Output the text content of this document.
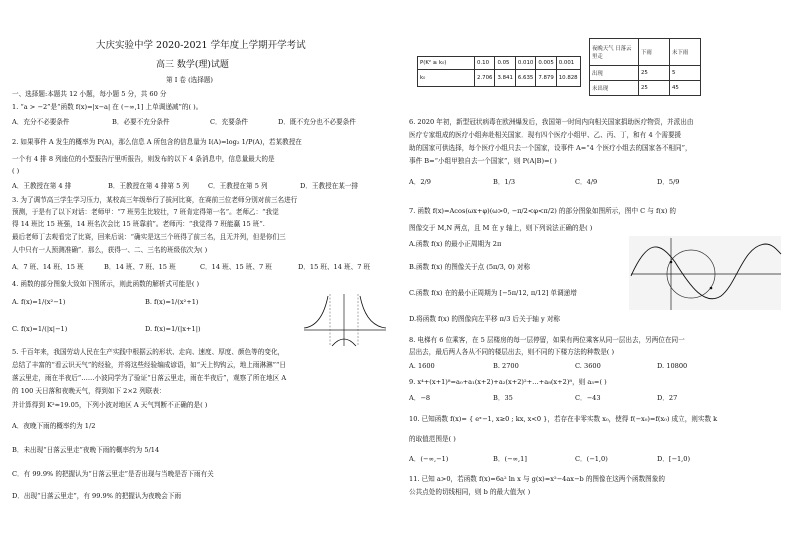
大庆实验中学 2020-2021 学年度上学期开学考试
高三 数学(理)试题
第 I 卷 (选择题)
一、选择题:本题共 12 小题，每小题 5 分，共 60 分
1. “a > −2”是“函数 f(x)=|x−a| 在 (−∞,1] 上单调递减”的( )。
A．充分不必要条件	B．必要不充分条件	C．充要条件	D．既不充分也不必要条件
2. 如果事件 A 发生的概率为 P(A)，那么信息 A 所包含的信息量为 I(A)=log₂ 1/P(A)，若某教授在
一个有 4 排 8 列座位的小型报告厅里听报告，则发布的以下 4 条消息中，信息量最大的是
( )
A．王教授在第 4 排	B．王教授在第 4 排第 5 列	C．王教授在第 5 列	D．王教授在某一排
3. 为了调节高三学生学习压力，某校高三年级举行了拔河比赛，在赛前三位老师分别对前三名进行
预测，于是有了以下对话：老师甲：“7 班男生比较壮，7 班肯定得第一名”。老师乙：“我觉
得 14 班比 15 班强，14 班名次会比 15 班靠前”。老师丙：“我觉得 7 班能赢 15 班”.
最后老师丁去观看完了比赛，回来后说：“确实是这三个班得了前三名，且无并列，但是你们三
人中只有一人预测准确”．那么，获得一、二、三名的班级依次为( )
A．7 班、14 班、15 班	B．14 班、7 班、15 班	C．14 班、15 班、7 班	D．15 班、14 班、7 班
4. 函数的部分图象大致如下图所示，则此函数的解析式可能是( )
A. f(x)=1/(x²−1)	B. f(x)=1/(x²+1)
C. f(x)=1/(|x|−1)	D. f(x)=1/(|x+1|)
5. 千百年来，我国劳动人民在生产实践中根据云的形状、走向、速度、厚度、颜色等的变化，
总结了丰富的“看云识天气”的经验，并将这些经验编成谚语，如“天上钩钩云，地上雨淋淋”“日
落云里走，雨在半夜后”……小波同学为了验证“日落云里走，雨在半夜后”，观察了所在地区 A
的 100 天日落和夜晚天气，得到如下 2×2 列联表：
并计算得到 K²≈19.05，下列小波对地区 A 天气判断不正确的是( )
A．夜晚下雨的概率约为 1/2
B．未出现“日落云里走”夜晚下雨的概率约为 5/14
C．有 99.9% 的把握认为“日落云里走”是否出现与当晚是否下雨有关
D．出现“日落云里走”，有 99.9% 的把握认为夜晚会下雨
P(K² ≥ k₀)	0.10	0.05	0.010	0.005	0.001
k₀	2.706	3.841	6.635	7.879	10.828
夜晚天气 日落云里走	下雨	未下雨
出现	25	5
未出现	25	45
6. 2020 年初，新型冠状病毒在欧洲爆发后，我国第一时间内向相关国家捐助医疗物资，并派出由
医疗专家组成的医疗小组奔赴相关国家．现有四个医疗小组甲、乙、丙、丁，和有 4 个需要援
助的国家可供选择，每个医疗小组只去一个国家，设事件 A=“4 个医疗小组去的国家各不相同”，
事件 B=“小组甲独自去一个国家”，则 P(A|B)=( )
A．2/9	B．1/3	C．4/9	D．5/9
7. 函数 f(x)=Acos(ωx+φ)(ω>0, −π/2<φ<π/2) 的部分图象如图所示，图中 C 与 f(x) 的
图像交于 M,N 两点，且 M 在 y 轴上，则下列说法正确的是( )
A.函数 f(x) 的最小正周期为 2π
B.函数 f(x) 的图像关于点 (5π/3, 0) 对称
C.函数 f(x) 在的最小正周期为 [−5π/12, π/12] 单调递增
D.将函数 f(x) 的图像向左平移 π/3 后关于轴 y 对称
8. 电梯有 6 位乘客，在 5 层楼房的每一层停留，如果有两位乘客从同一层出去，另两位在同一
层出去，最后两人各从不同的楼层出去，则不同的下楼方法的种数是( )
A. 1600	B. 2700	C. 3600	D. 10800
9. x⁴+(x+1)⁸=a₀+a₁(x+2)+a₂(x+2)²+…+a₈(x+2)⁸，则 a₃=( )
A．−8	B．35	C．−43	D．27
10. 已知函数 f(x)= { eˣ−1, x≥0 ; kx, x<0 }，若存在非零实数 x₀，使得 f(−x₀)=f(x₀) 成立，则实数 k
的取值范围是( )
A．(−∞,−1)	B．(−∞,1]	C．(−1,0)	D．[−1,0)
11. 已知 a>0，若函数 f(x)=6a² ln x 与 g(x)=x²−4ax−b 的图像在这两个函数图象的
公共点处的切线相同，则 b 的最大值为( )
